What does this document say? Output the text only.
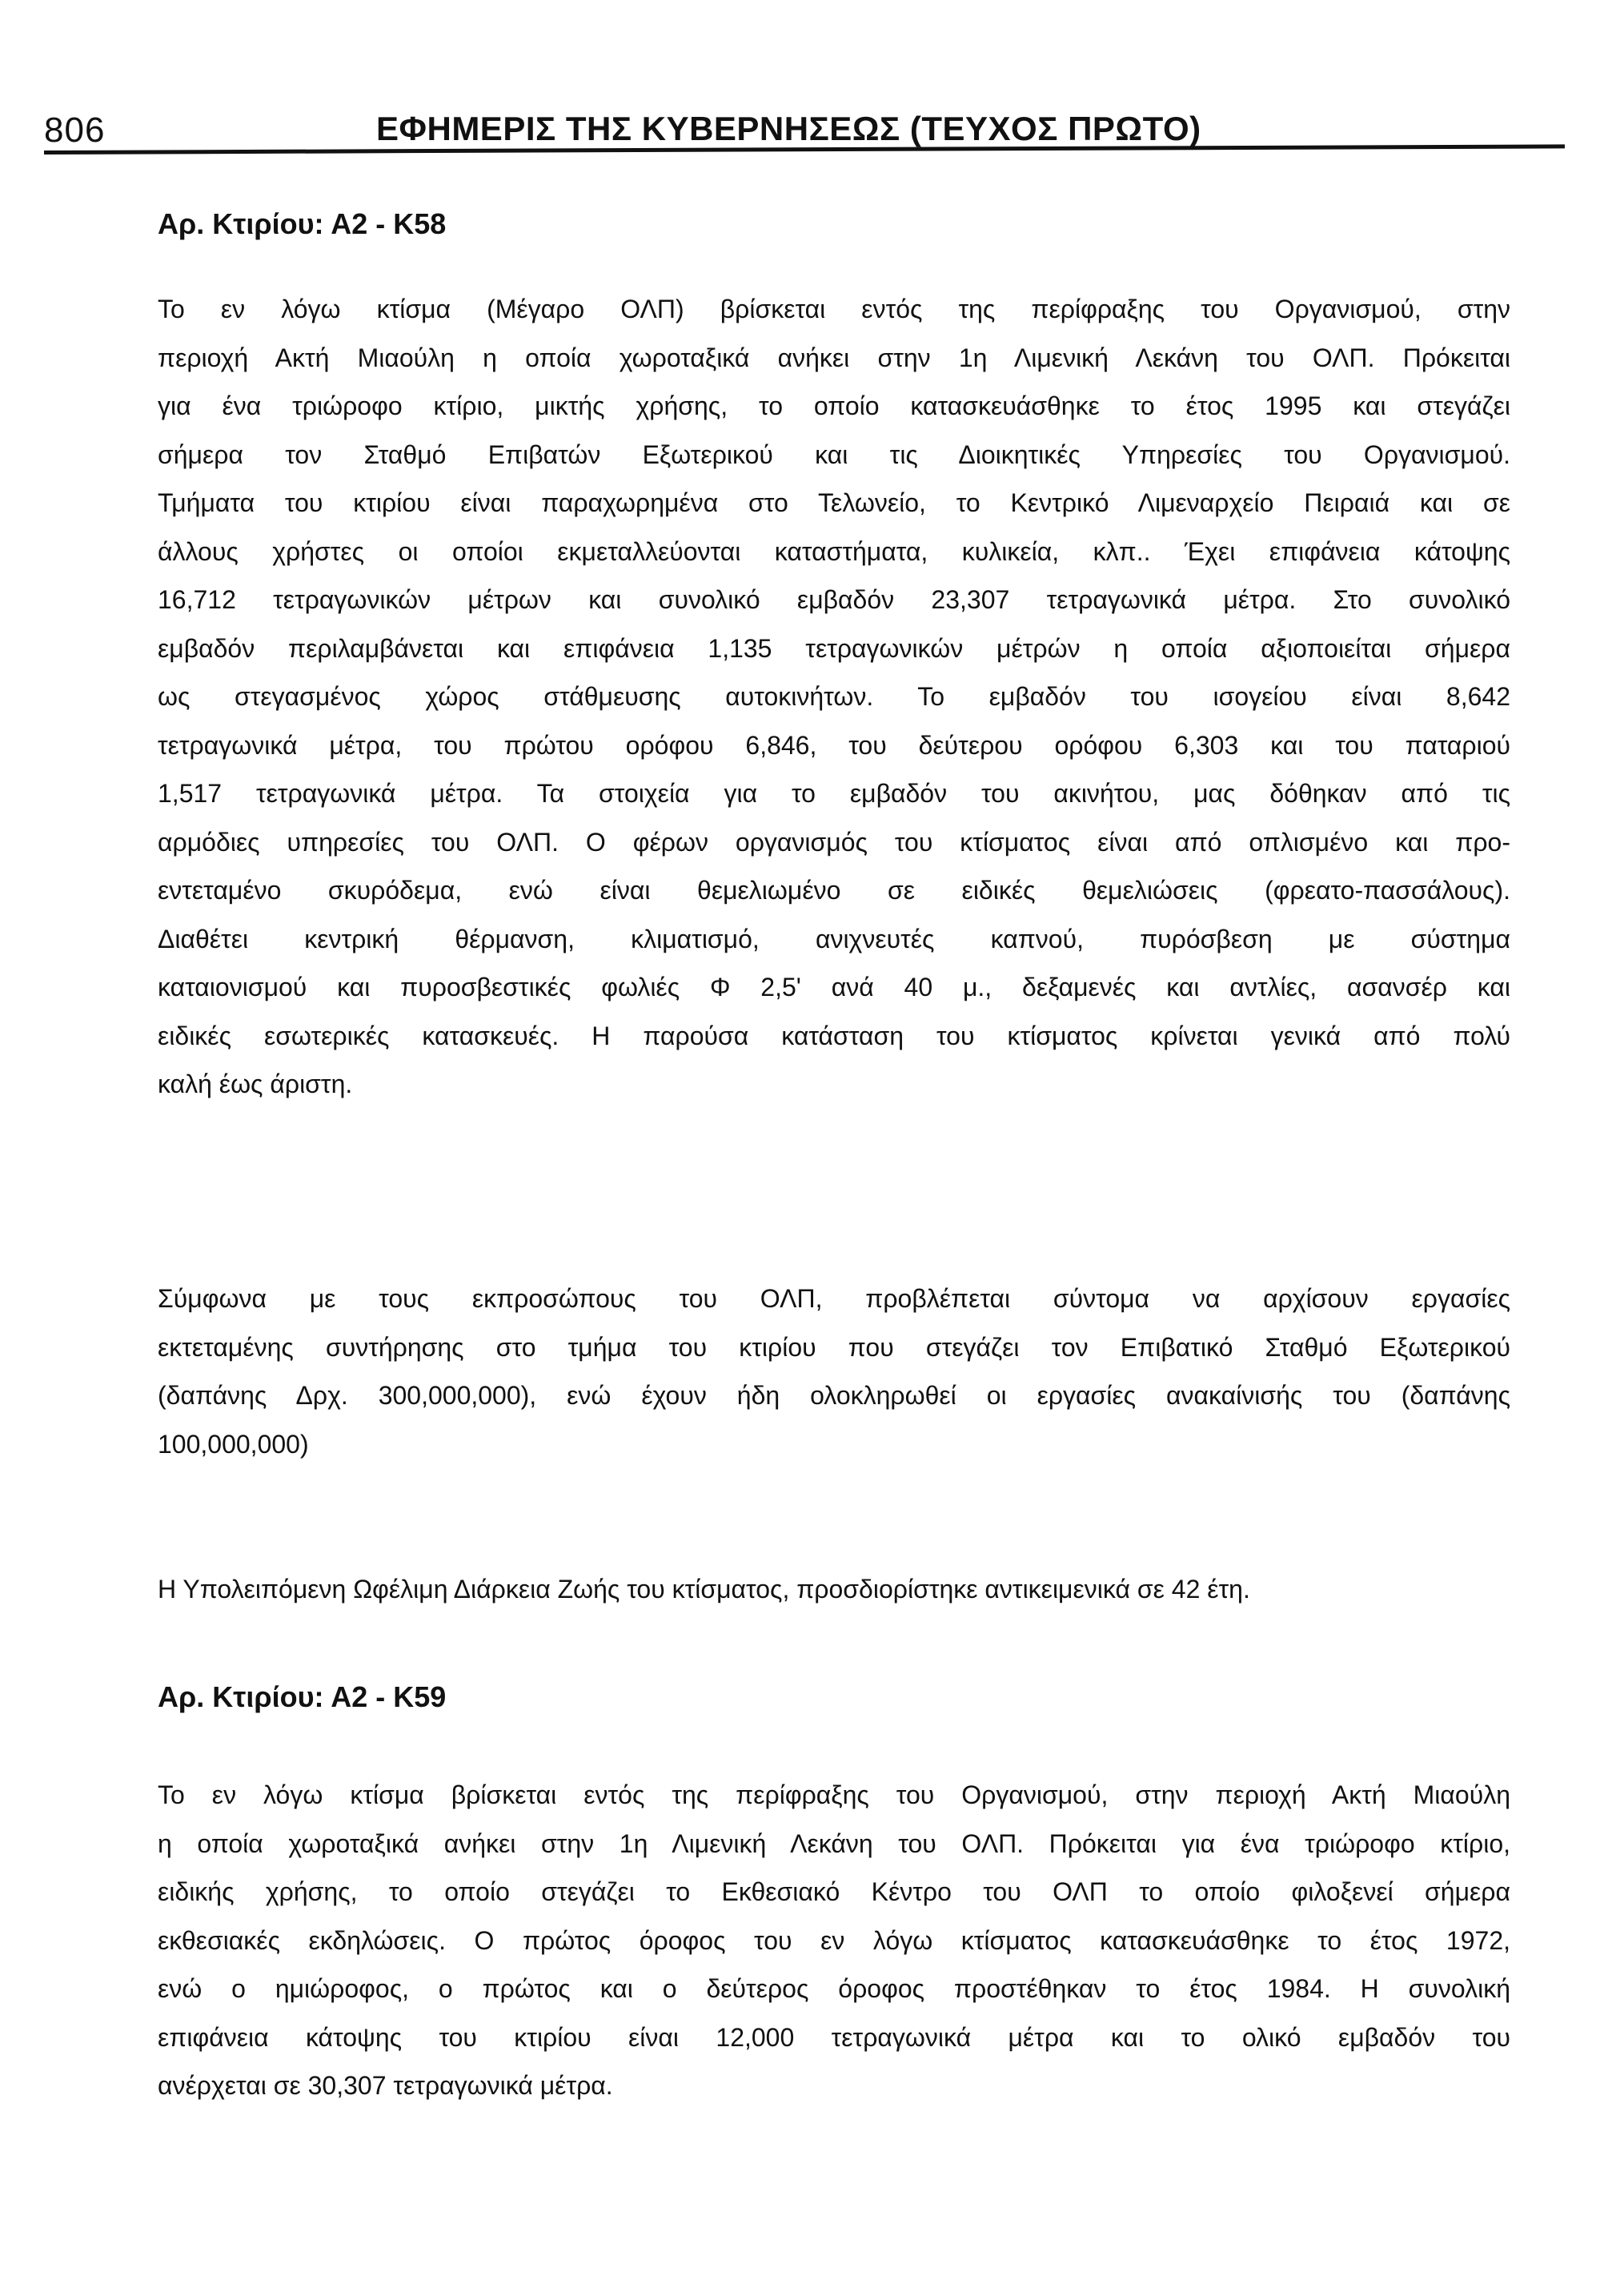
806	ΕΦΗΜΕΡΙΣ ΤΗΣ ΚΥΒΕΡΝΗΣΕΩΣ (ΤΕΥΧΟΣ ΠΡΩΤΟ)
Αρ. Κτιρίου: Α2 - Κ58
Το εν λόγω κτίσμα (Μέγαρο ΟΛΠ) βρίσκεται εντός της περίφραξης του Οργανισμού, στην
περιοχή Ακτή Μιαούλη η οποία χωροταξικά ανήκει στην 1η Λιμενική Λεκάνη του ΟΛΠ. Πρόκειται
για ένα τριώροφο κτίριο, μικτής χρήσης, το οποίο κατασκευάσθηκε το έτος 1995 και στεγάζει
σήμερα τον Σταθμό Επιβατών Εξωτερικού και τις Διοικητικές Υπηρεσίες του Οργανισμού.
Τμήματα του κτιρίου είναι παραχωρημένα στο Τελωνείο, το Κεντρικό Λιμεναρχείο Πειραιά και σε
άλλους χρήστες οι οποίοι εκμεταλλεύονται καταστήματα, κυλικεία, κλπ.. Έχει επιφάνεια κάτοψης
16,712 τετραγωνικών μέτρων και συνολικό εμβαδόν 23,307 τετραγωνικά μέτρα. Στο συνολικό
εμβαδόν περιλαμβάνεται και επιφάνεια 1,135 τετραγωνικών μέτρών η οποία αξιοποιείται σήμερα
ως στεγασμένος χώρος στάθμευσης αυτοκινήτων. Το εμβαδόν του ισογείου είναι 8,642
τετραγωνικά μέτρα, του πρώτου ορόφου 6,846, του δεύτερου ορόφου 6,303 και του παταριού
1,517 τετραγωνικά μέτρα. Τα στοιχεία για το εμβαδόν του ακινήτου, μας δόθηκαν από τις
αρμόδιες υπηρεσίες του ΟΛΠ. Ο φέρων οργανισμός του κτίσματος είναι από οπλισμένο και προ-
εντεταμένο σκυρόδεμα, ενώ είναι θεμελιωμένο σε ειδικές θεμελιώσεις (φρεατο-πασσάλους).
Διαθέτει κεντρική θέρμανση, κλιματισμό, ανιχνευτές καπνού, πυρόσβεση με σύστημα
καταιονισμού και πυροσβεστικές φωλιές Φ 2,5' ανά 40 μ., δεξαμενές και αντλίες, ασανσέρ και
ειδικές εσωτερικές κατασκευές. Η παρούσα κατάσταση του κτίσματος κρίνεται γενικά από πολύ
καλή έως άριστη.
Σύμφωνα με τους εκπροσώπους του ΟΛΠ, προβλέπεται σύντομα να αρχίσουν εργασίες
εκτεταμένης συντήρησης στο τμήμα του κτιρίου που στεγάζει τον Επιβατικό Σταθμό Εξωτερικού
(δαπάνης Δρχ. 300,000,000), ενώ έχουν ήδη ολοκληρωθεί οι εργασίες ανακαίνισής του (δαπάνης
100,000,000)
Η Υπολειπόμενη Ωφέλιμη Διάρκεια Ζωής του κτίσματος, προσδιορίστηκε αντικειμενικά σε 42 έτη.
Αρ. Κτιρίου: Α2 - Κ59
Το εν λόγω κτίσμα βρίσκεται εντός της περίφραξης του Οργανισμού, στην περιοχή Ακτή Μιαούλη
η οποία χωροταξικά ανήκει στην 1η Λιμενική Λεκάνη του ΟΛΠ. Πρόκειται για ένα τριώροφο κτίριο,
ειδικής χρήσης, το οποίο στεγάζει το Εκθεσιακό Κέντρο του ΟΛΠ το οποίο φιλοξενεί σήμερα
εκθεσιακές εκδηλώσεις. Ο πρώτος όροφος του εν λόγω κτίσματος κατασκευάσθηκε το έτος 1972,
ενώ ο ημιώροφος, ο πρώτος και ο δεύτερος όροφος προστέθηκαν το έτος 1984. Η συνολική
επιφάνεια κάτοψης του κτιρίου είναι 12,000 τετραγωνικά μέτρα και το ολικό εμβαδόν του
ανέρχεται σε 30,307 τετραγωνικά μέτρα.
